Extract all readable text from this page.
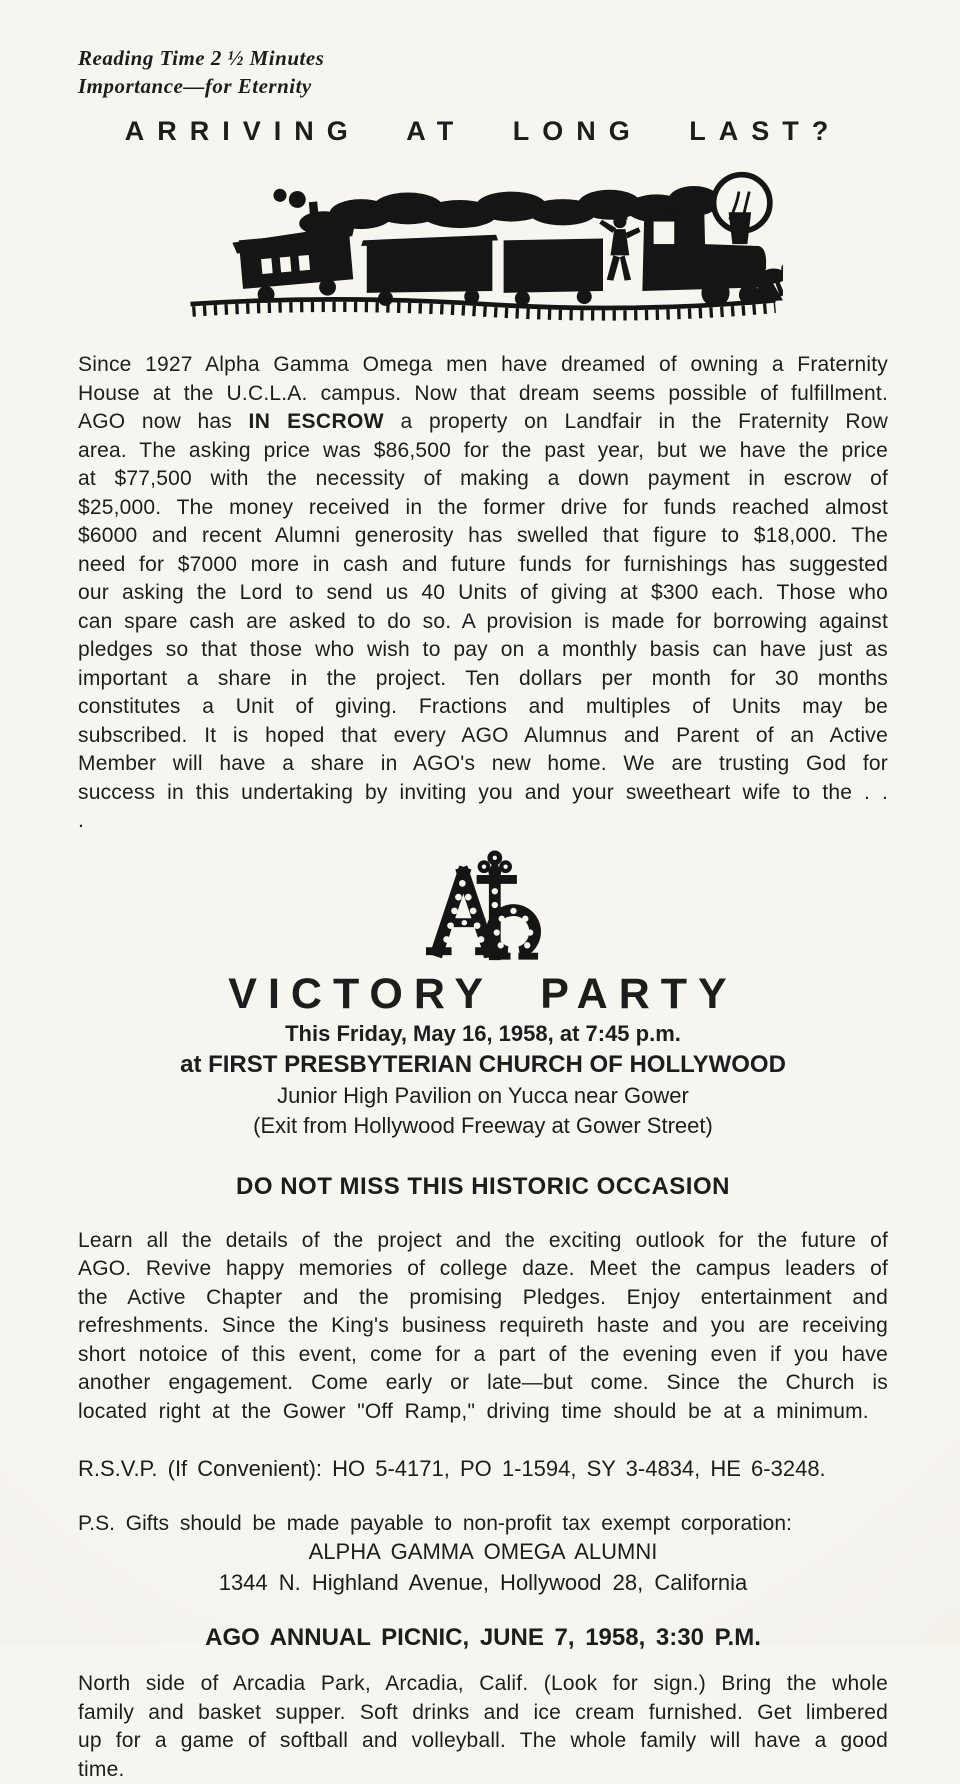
Reading Time 2 ½ Minutes
Importance—for Eternity
ARRIVING AT LONG LAST?
Since 1927 Alpha Gamma Omega men have dreamed of owning a Fraternity House at the U.C.L.A. campus. Now that dream seems possible of fulfillment. AGO now has IN ESCROW a property on Landfair in the Fraternity Row area. The asking price was $86,500 for the past year, but we have the price at $77,500 with the necessity of making a down payment in escrow of $25,000. The money received in the former drive for funds reached almost $6000 and recent Alumni generosity has swelled that figure to $18,000. The need for $7000 more in cash and future funds for furnishings has suggested our asking the Lord to send us 40 Units of giving at $300 each. Those who can spare cash are asked to do so. A provision is made for borrowing against pledges so that those who wish to pay on a monthly basis can have just as important a share in the project. Ten dollars per month for 30 months constitutes a Unit of giving. Fractions and multiples of Units may be subscribed. It is hoped that every AGO Alumnus and Parent of an Active Member will have a share in AGO's new home. We are trusting God for success in this undertaking by inviting you and your sweetheart wife to the . . .
VICTORY PARTY
This Friday, May 16, 1958, at 7:45 p.m.
at FIRST PRESBYTERIAN CHURCH OF HOLLYWOOD
Junior High Pavilion on Yucca near Gower
(Exit from Hollywood Freeway at Gower Street)
DO NOT MISS THIS HISTORIC OCCASION
Learn all the details of the project and the exciting outlook for the future of AGO. Revive happy memories of college daze. Meet the campus leaders of the Active Chapter and the promising Pledges. Enjoy entertainment and refreshments. Since the King's business requireth haste and you are receiving short notoice of this event, come for a part of the evening even if you have another engagement. Come early or late—but come. Since the Church is located right at the Gower "Off Ramp," driving time should be at a minimum.
R.S.V.P. (If Convenient): HO 5-4171, PO 1-1594, SY 3-4834, HE 6-3248.
P.S. Gifts should be made payable to non-profit tax exempt corporation:
ALPHA GAMMA OMEGA ALUMNI
1344 N. Highland Avenue, Hollywood 28, California
AGO ANNUAL PICNIC, JUNE 7, 1958, 3:30 P.M.
North side of Arcadia Park, Arcadia, Calif. (Look for sign.) Bring the whole family and basket supper. Soft drinks and ice cream furnished. Get limbered up for a game of softball and volleyball. The whole family will have a good time.
